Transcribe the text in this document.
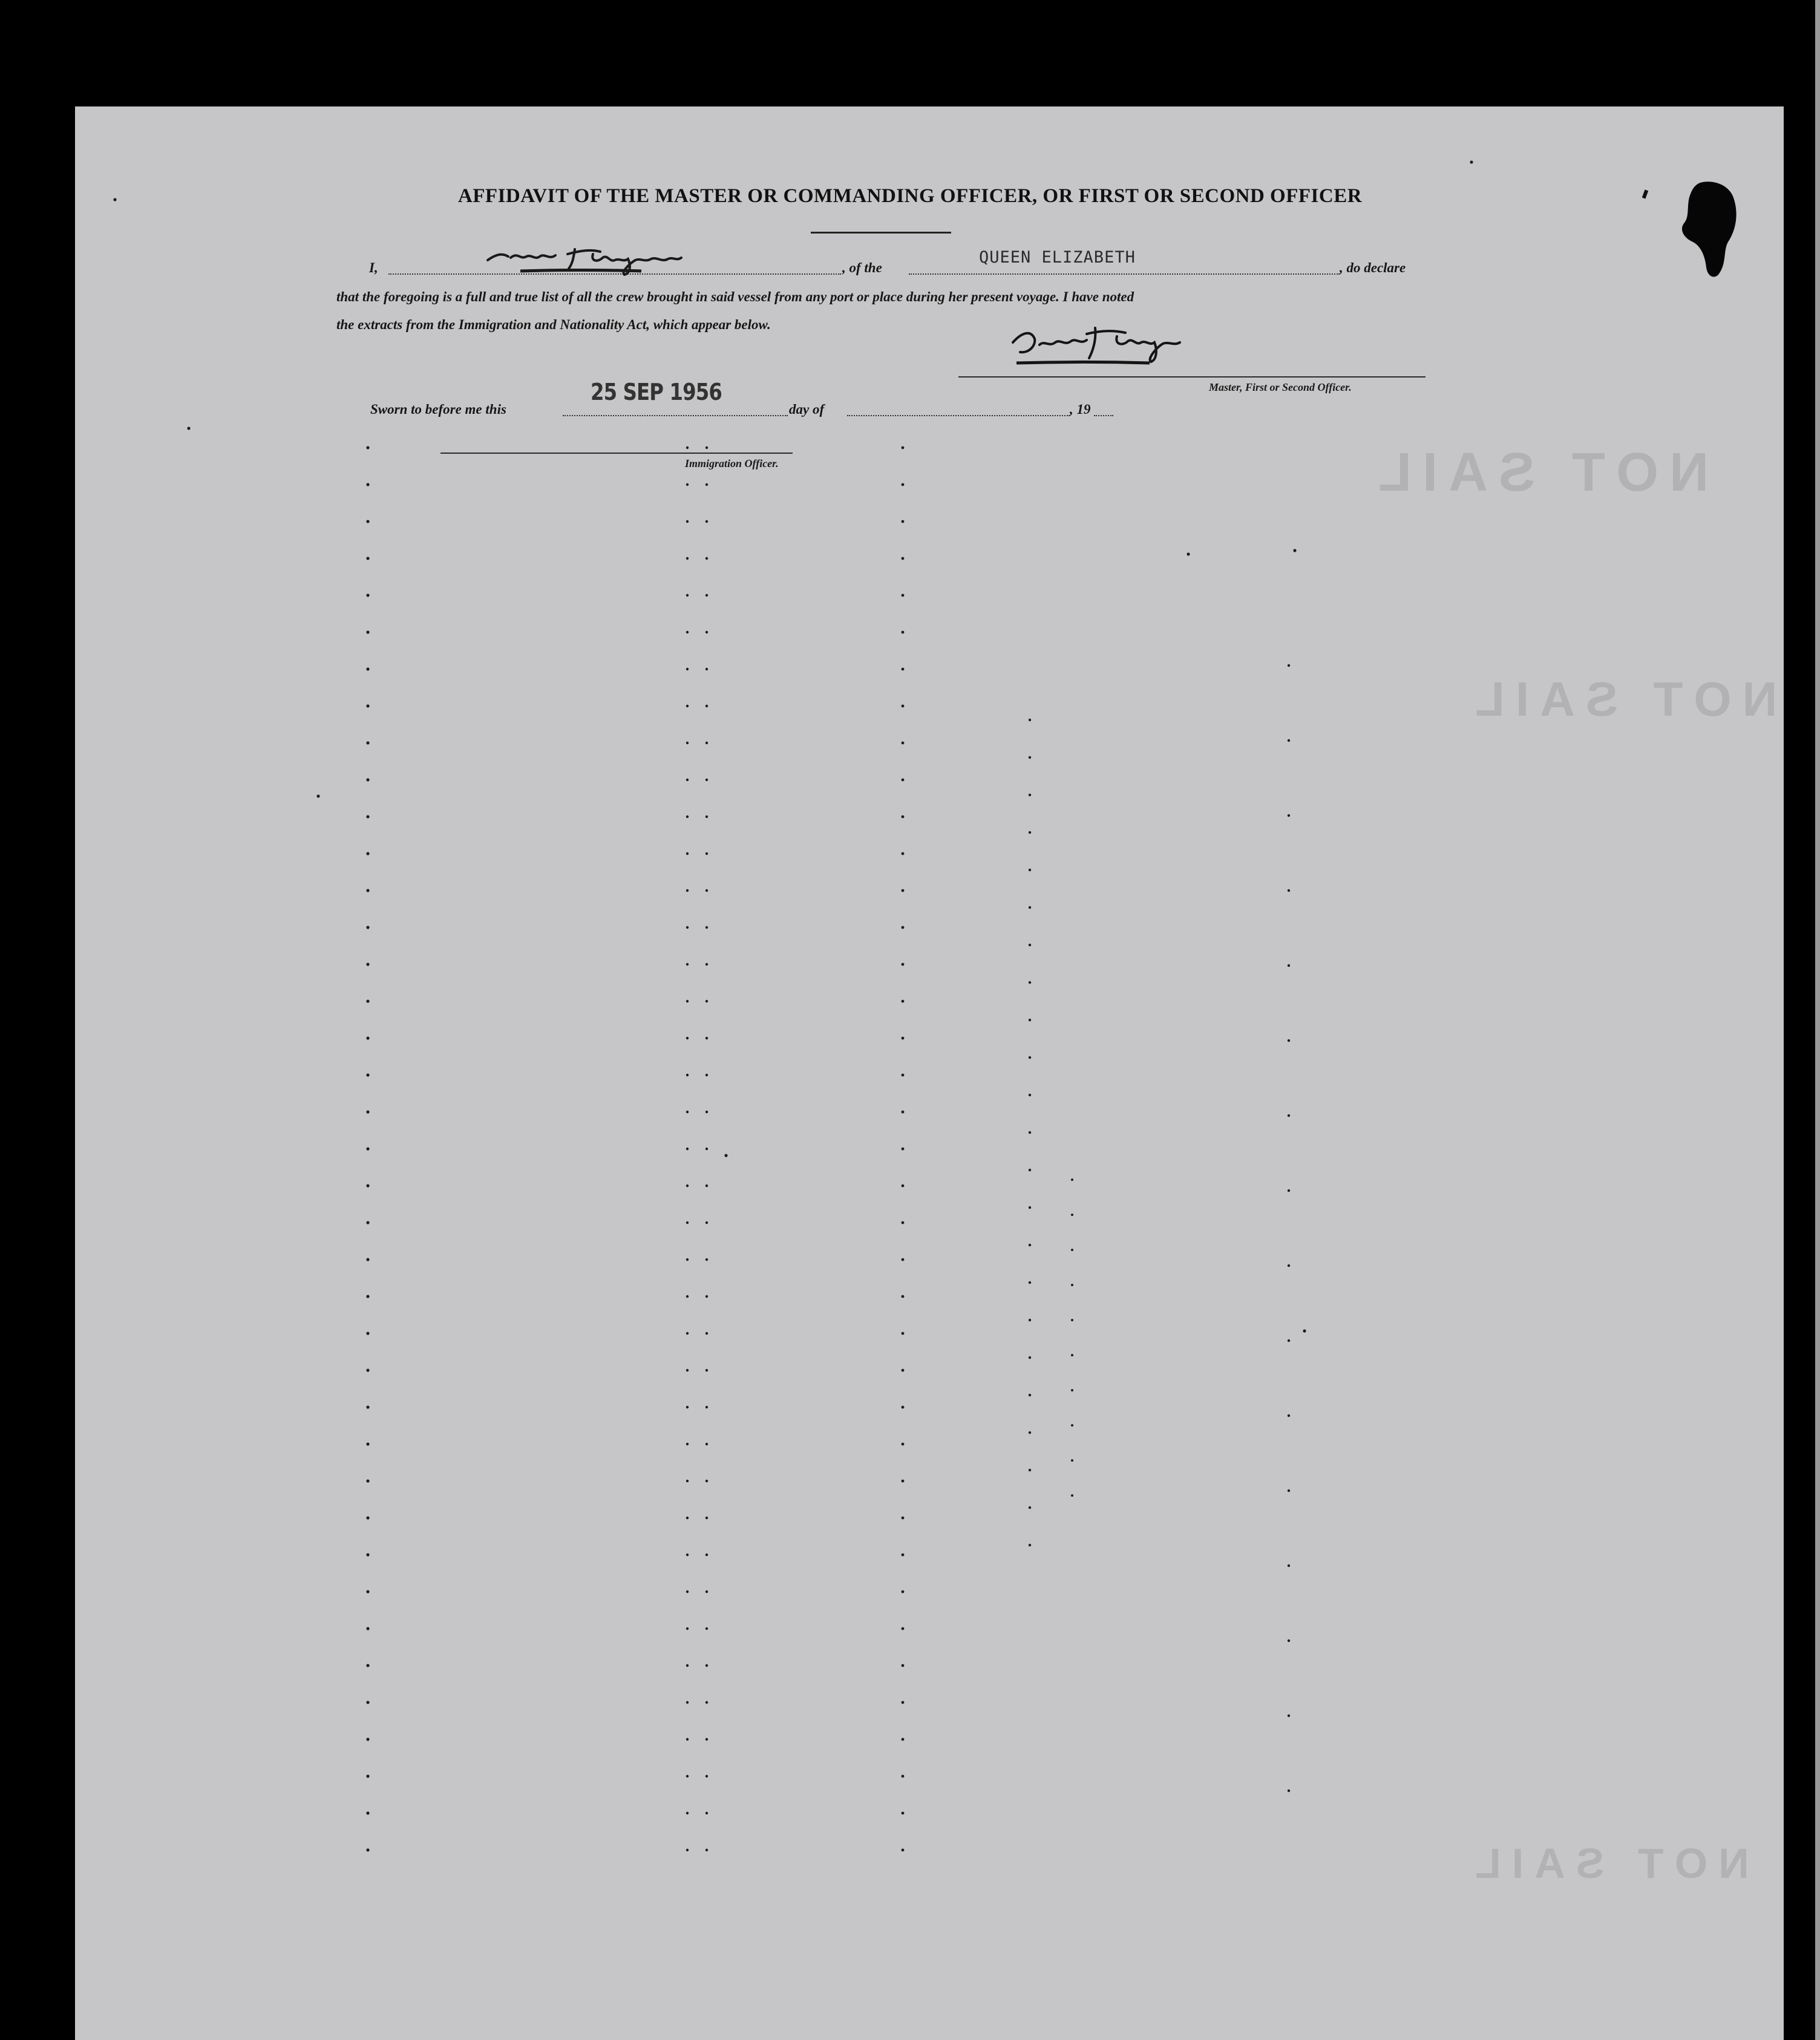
NOT SAIL
NOT SAIL
NOT SAIL
AFFIDAVIT OF THE MASTER OR COMMANDING OFFICER, OR FIRST OR SECOND OFFICER
I,	, of the
QUEEN ELIZABETH
, do declare
that the foregoing is a full and true list of all the crew brought in said vessel from any port or place during her present voyage. I have noted
the extracts from the Immigration and Nationality Act, which appear below.
Master, First or Second Officer.
Sworn to before me this
25 SEP 1956
day of	, 19
Immigration Officer.
